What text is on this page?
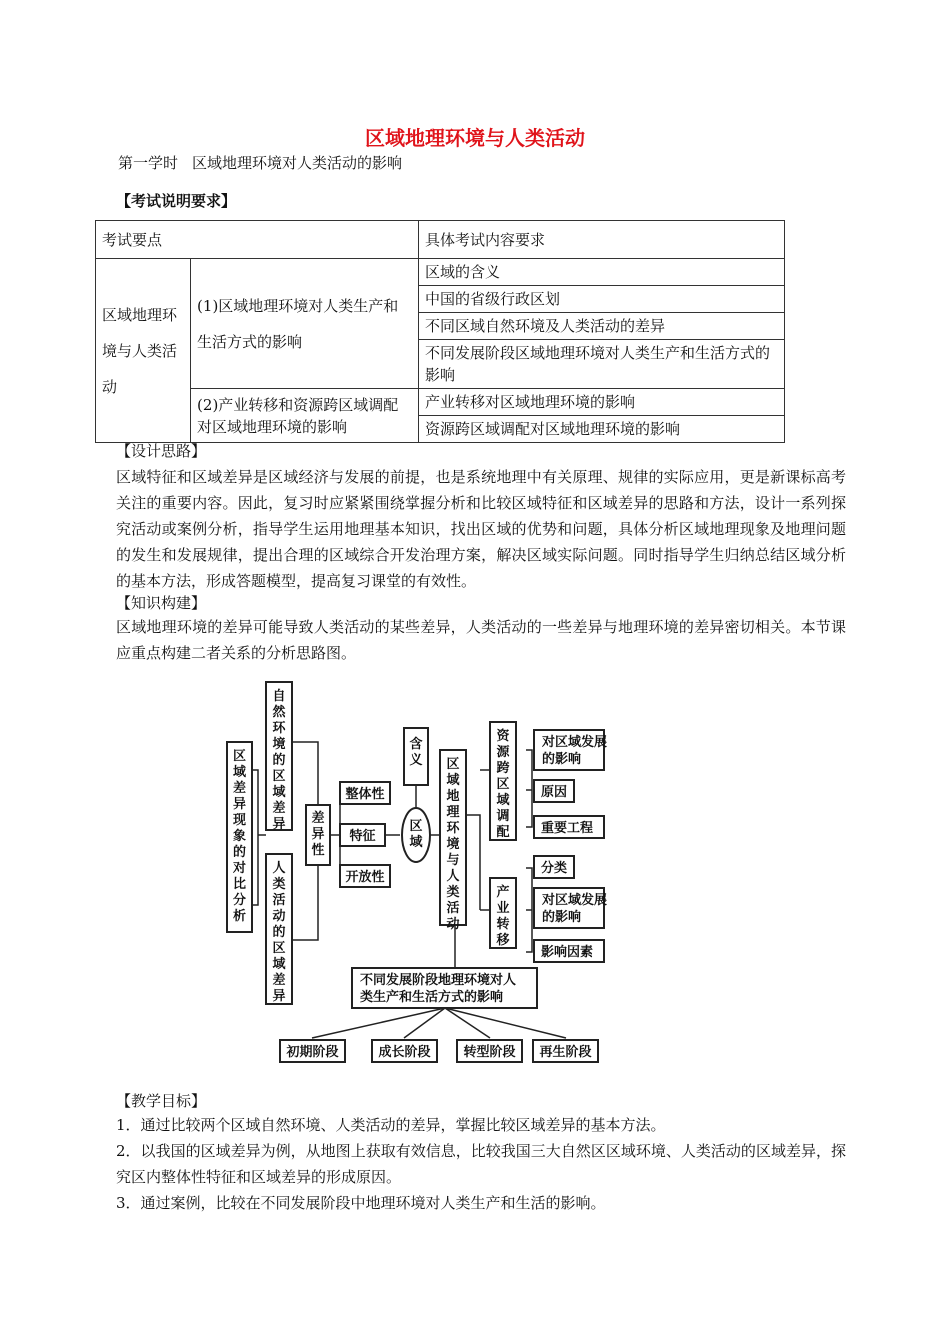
区域地理环境与人类活动
第一学时 区域地理环境对人类活动的影响
【考试说明要求】
考试要点		具体考试内容要求
区域地理环境与人类活动	(1)区域地理环境对人类生产和生活方式的影响	区域的含义
		中国的省级行政区划
		不同区域自然环境及人类活动的差异
		不同发展阶段区域地理环境对人类生产和生活方式的影响
	(2)产业转移和资源跨区域调配对区域地理环境的影响	产业转移对区域地理环境的影响
		资源跨区域调配对区域地理环境的影响
【设计思路】
区域特征和区域差异是区域经济与发展的前提，也是系统地理中有关原理、规律的实际应用，更是新课标高考关注的重要内容。因此，复习时应紧紧围绕掌握分析和比较区域特征和区域差异的思路和方法，设计一系列探究活动或案例分析，指导学生运用地理基本知识，找出区域的优势和问题，具体分析区域地理现象及地理问题的发生和发展规律，提出合理的区域综合开发治理方案，解决区域实际问题。同时指导学生归纳总结区域分析的基本方法，形成答题模型，提高复习课堂的有效性。
【知识构建】
区域地理环境的差异可能导致人类活动的某些差异，人类活动的一些差异与地理环境的差异密切相关。本节课应重点构建二者关系的分析思路图。
区域差异现象的对比分析
自然环境的区域差异
人类活动的区域差异
差异性
整体性
特征
开放性
含义
区域
区域地理环境与人类活动
资源跨区域调配
对区域发展的影响
原因
重要工程
产业转移
分类
对区域发展的影响
影响因素
不同发展阶段地理环境对人类生产和生活方式的影响
初期阶段	成长阶段	转型阶段 再生阶段
【教学目标】
1．通过比较两个区域自然环境、人类活动的差异，掌握比较区域差异的基本方法。
2．以我国的区域差异为例，从地图上获取有效信息，比较我国三大自然区区域环境、人类活动的区域差异，探究区内整体性特征和区域差异的形成原因。
3．通过案例，比较在不同发展阶段中地理环境对人类生产和生活的影响。
